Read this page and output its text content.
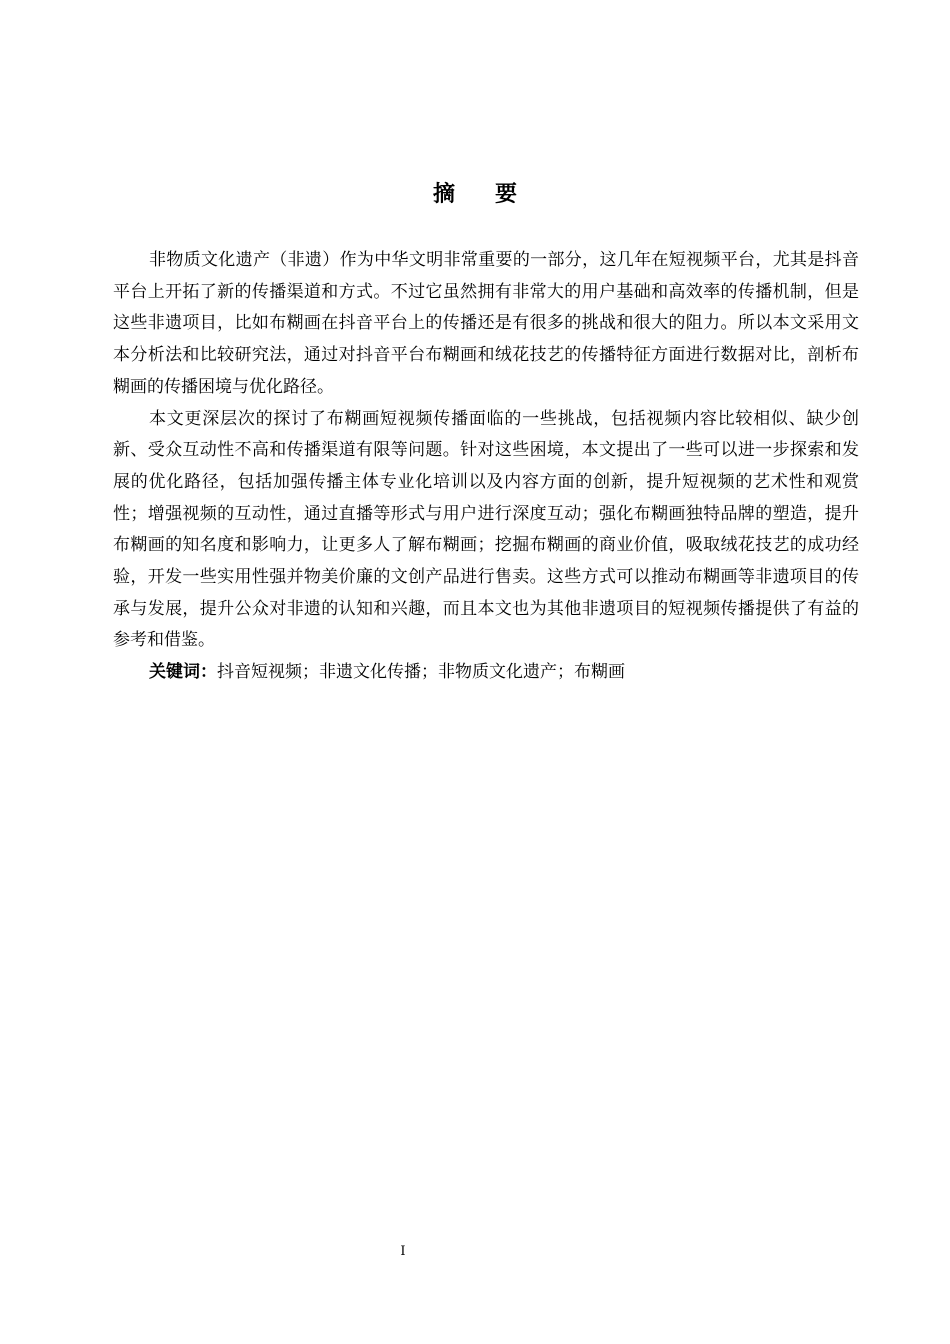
摘要

非物质文化遗产（非遗）作为中华文明非常重要的一部分，这几年在短视频平台，尤其是抖音平台上开拓了新的传播渠道和方式。不过它虽然拥有非常大的用户基础和高效率的传播机制，但是这些非遗项目，比如布糊画在抖音平台上的传播还是有很多的挑战和很大的阻力。所以本文采用文本分析法和比较研究法，通过对抖音平台布糊画和绒花技艺的传播特征方面进行数据对比，剖析布糊画的传播困境与优化路径。

本文更深层次的探讨了布糊画短视频传播面临的一些挑战，包括视频内容比较相似、缺少创新、受众互动性不高和传播渠道有限等问题。针对这些困境，本文提出了一些可以进一步探索和发展的优化路径，包括加强传播主体专业化培训以及内容方面的创新，提升短视频的艺术性和观赏性；增强视频的互动性，通过直播等形式与用户进行深度互动；强化布糊画独特品牌的塑造，提升布糊画的知名度和影响力，让更多人了解布糊画；挖掘布糊画的商业价值，吸取绒花技艺的成功经验，开发一些实用性强并物美价廉的文创产品进行售卖。这些方式可以推动布糊画等非遗项目的传承与发展，提升公众对非遗的认知和兴趣，而且本文也为其他非遗项目的短视频传播提供了有益的参考和借鉴。

关键词：抖音短视频；非遗文化传播；非物质文化遗产；布糊画

I
